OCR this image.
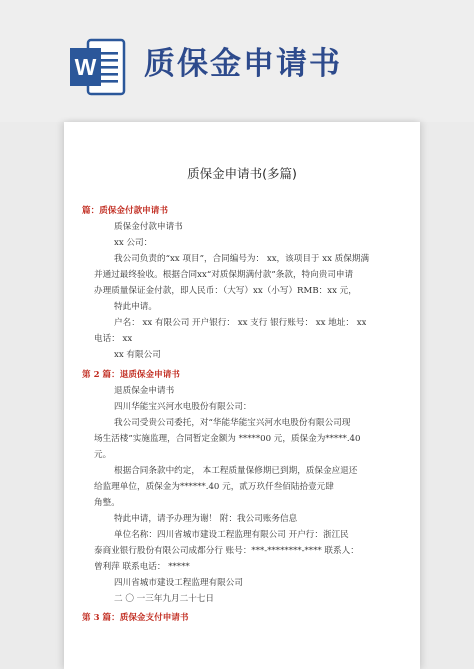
W 质保金申请书
质保金申请书(多篇)
篇：质保金付款申请书
质保金付款申请书
xx 公司：
我公司负责的“xx 项目”，合同编号为： xx，该项目于 xx 质保期满
并通过最终验收。根据合同xx“对质保期满付款”条款，特向贵司申请
办理质量保证金付款，即人民币：（大写）xx（小写）RMB：xx 元，
特此申请。
户名： xx 有限公司 开户银行： xx 支行 银行账号： xx 地址： xx
电话： xx
xx 有限公司
第 2 篇：退质保金申请书
退质保金申请书
四川华能宝兴河水电股份有限公司：
我公司受贵公司委托，对“华能华能宝兴河水电股份有限公司现
场生活楼”实施监理，合同暂定金额为 *****00 元，质保金为*****.40
元。
根据合同条款中约定， 本工程质量保修期已到期，质保金应退还
给监理单位，质保金为******.40 元，贰万玖仟叁佰陆拾壹元肆
角整。
特此申请，请予办理为谢！ 附：我公司账务信息
单位名称：四川省城市建设工程监理有限公司 开户行：浙江民
泰商业银行股份有限公司成都分行 账号：***-********-**** 联系人：
曾利萍 联系电话： *****
四川省城市建设工程监理有限公司
二 〇 一三年九月二十七日
第 3 篇：质保金支付申请书
